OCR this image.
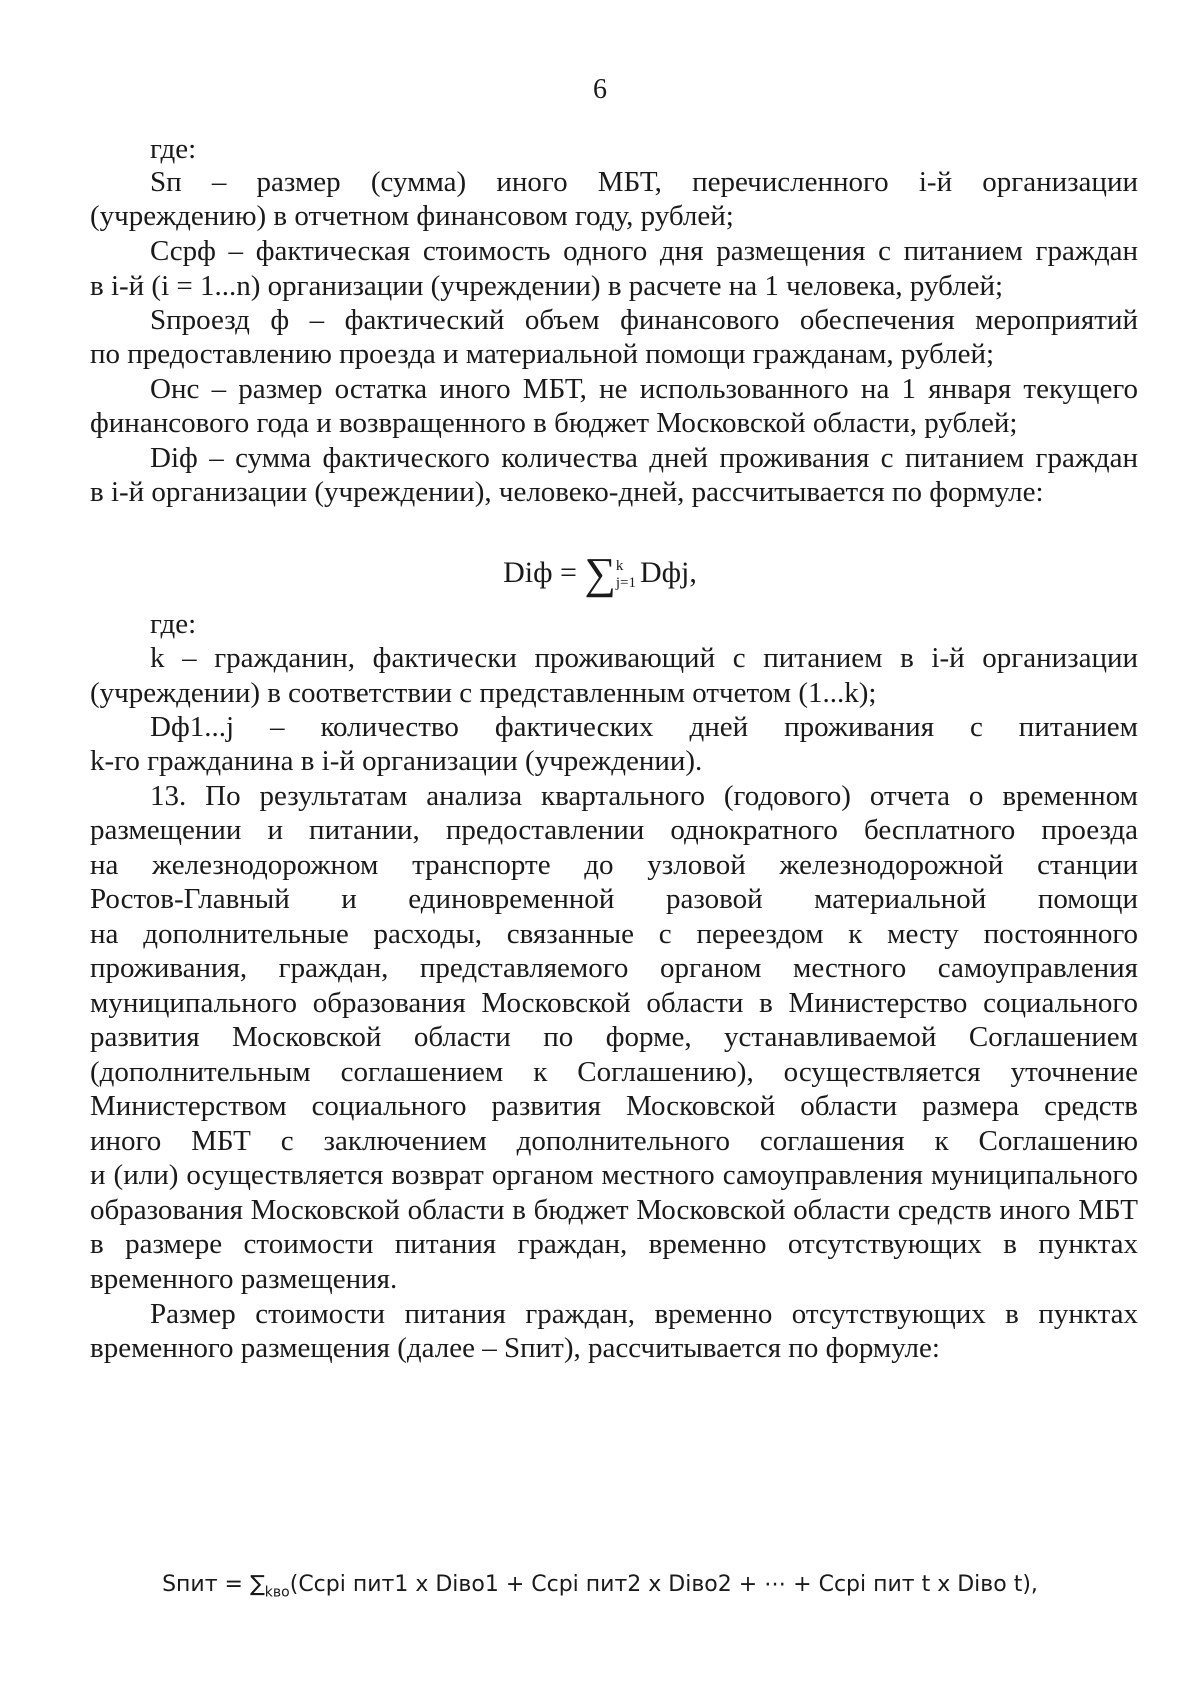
6
где:
Sп – размер (сумма) иного МБТ, перечисленного i-й организации
(учреждению) в отчетном финансовом году, рублей;
Ссрф – фактическая стоимость одного дня размещения с питанием граждан
в i-й (i = 1...n) организации (учреждении) в расчете на 1 человека, рублей;
Sпроезд ф – фактический объем финансового обеспечения мероприятий
по предоставлению проезда и материальной помощи гражданам, рублей;
Онс – размер остатка иного МБТ, не использованного на 1 января текущего
финансового года и возвращенного в бюджет Московской области, рублей;
Diф – сумма фактического количества дней проживания с питанием граждан
в i-й организации (учреждении), человеко-дней, рассчитывается по формуле:
Diф = ∑ k
j=1 Dфj,
где:
k – гражданин, фактически проживающий с питанием в i-й организации
(учреждении) в соответствии с представленным отчетом (1...k);
Dф1...j – количество фактических дней проживания с питанием
k-го гражданина в i-й организации (учреждении).
13. По результатам анализа квартального (годового) отчета о временном
размещении и питании, предоставлении однократного бесплатного проезда
на железнодорожном транспорте до узловой железнодорожной станции
Ростов-Главный и единовременной разовой материальной помощи
на дополнительные расходы, связанные с переездом к месту постоянного
проживания, граждан, представляемого органом местного самоуправления
муниципального образования Московской области в Министерство социального
развития Московской области по форме, устанавливаемой Соглашением
(дополнительным соглашением к Соглашению), осуществляется уточнение
Министерством социального развития Московской области размера средств
иного МБТ с заключением дополнительного соглашения к Соглашению
и (или) осуществляется возврат органом местного самоуправления муниципального
образования Московской области в бюджет Московской области средств иного МБТ
в размере стоимости питания граждан, временно отсутствующих в пунктах
временного размещения.
Размер стоимости питания граждан, временно отсутствующих в пунктах
временного размещения (далее – Sпит), рассчитывается по формуле:
Sпит = $\sum_{kво}(Ссрi$ пит1 x Diво1 + Ссрi пит2 x Diво2 + ⋯ + Ссрi пит t x Diво t),
